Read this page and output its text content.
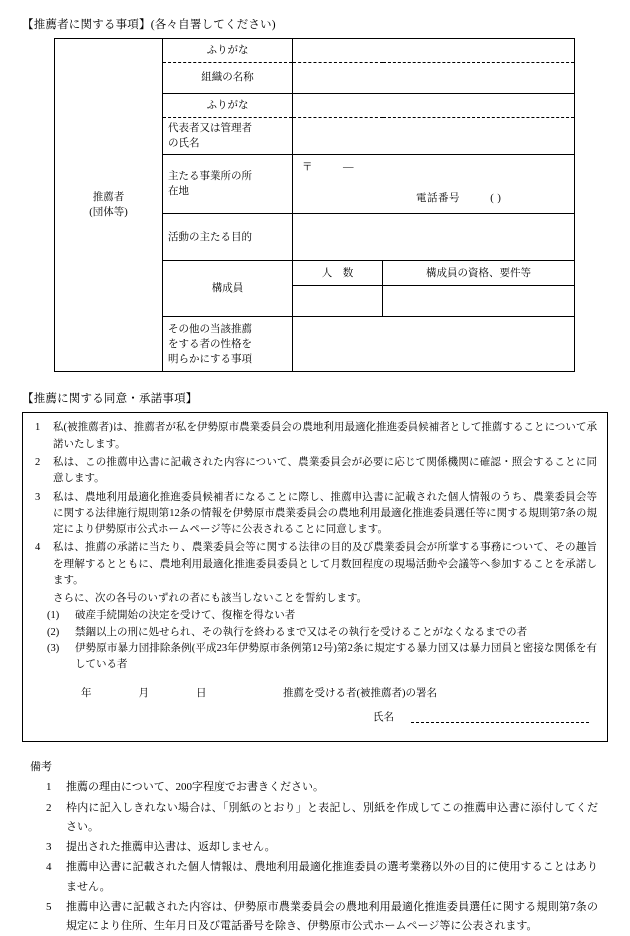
【推薦者に関する事項】(各々自署してください)
推薦者
(団体等)	ふりがな		
	組織の名称		
	ふりがな		

	代表者又は管理者
の氏名		

主たる事業所の所
在地

〒	―
電話番号	( )

	活動の主たる目的		
	構成員	人　数	構成員の資格、要件等

	その他の当該推薦
をする者の性格を
明らかにする事項		

【推薦に関する同意・承諾事項】
1 私(被推薦者)は、推薦者が私を伊勢原市農業委員会の農地利用最適化推進委員候補者として推薦することについて承諾いたします。
2 私は、この推薦申込書に記載された内容について、農業委員会が必要に応じて関係機関に確認・照会することに同意します。
3 私は、農地利用最適化推進委員候補者になることに際し、推薦申込書に記載された個人情報のうち、農業委員会等に関する法律施行規則第12条の情報を伊勢原市農業委員会の農地利用最適化推進委員選任等に関する規則第7条の規定により伊勢原市公式ホームページ等に公表されることに同意します。
4 私は、推薦の承諾に当たり、農業委員会等に関する法律の目的及び農業委員会が所掌する事務について、その趣旨を理解するとともに、農地利用最適化推進委員委員として月数回程度の現場活動や会議等へ参加することを承諾します。
さらに、次の各号のいずれの者にも該当しないことを誓約します。
(1) 破産手続開始の決定を受けて、復権を得ない者
(2) 禁錮以上の刑に処せられ、その執行を終わるまで又はその執行を受けることがなくなるまでの者
(3) 伊勢原市暴力団排除条例(平成23年伊勢原市条例第12号)第2条に規定する暴力団又は暴力団員と密接な関係を有している者
年　　　　月　　　　日	推薦を受ける者(被推薦者)の署名
氏名
備考
1 推薦の理由について、200字程度でお書きください。
2 枠内に記入しきれない場合は、「別紙のとおり」と表記し、別紙を作成してこの推薦申込書に添付してください。
3 提出された推薦申込書は、返却しません。
4 推薦申込書に記載された個人情報は、農地利用最適化推進委員の選考業務以外の目的に使用することはありません。
5 推薦申込書に記載された内容は、伊勢原市農業委員会の農地利用最適化推進委員選任に関する規則第7条の規定により住所、生年月日及び電話番号を除き、伊勢原市公式ホームページ等に公表されます。
